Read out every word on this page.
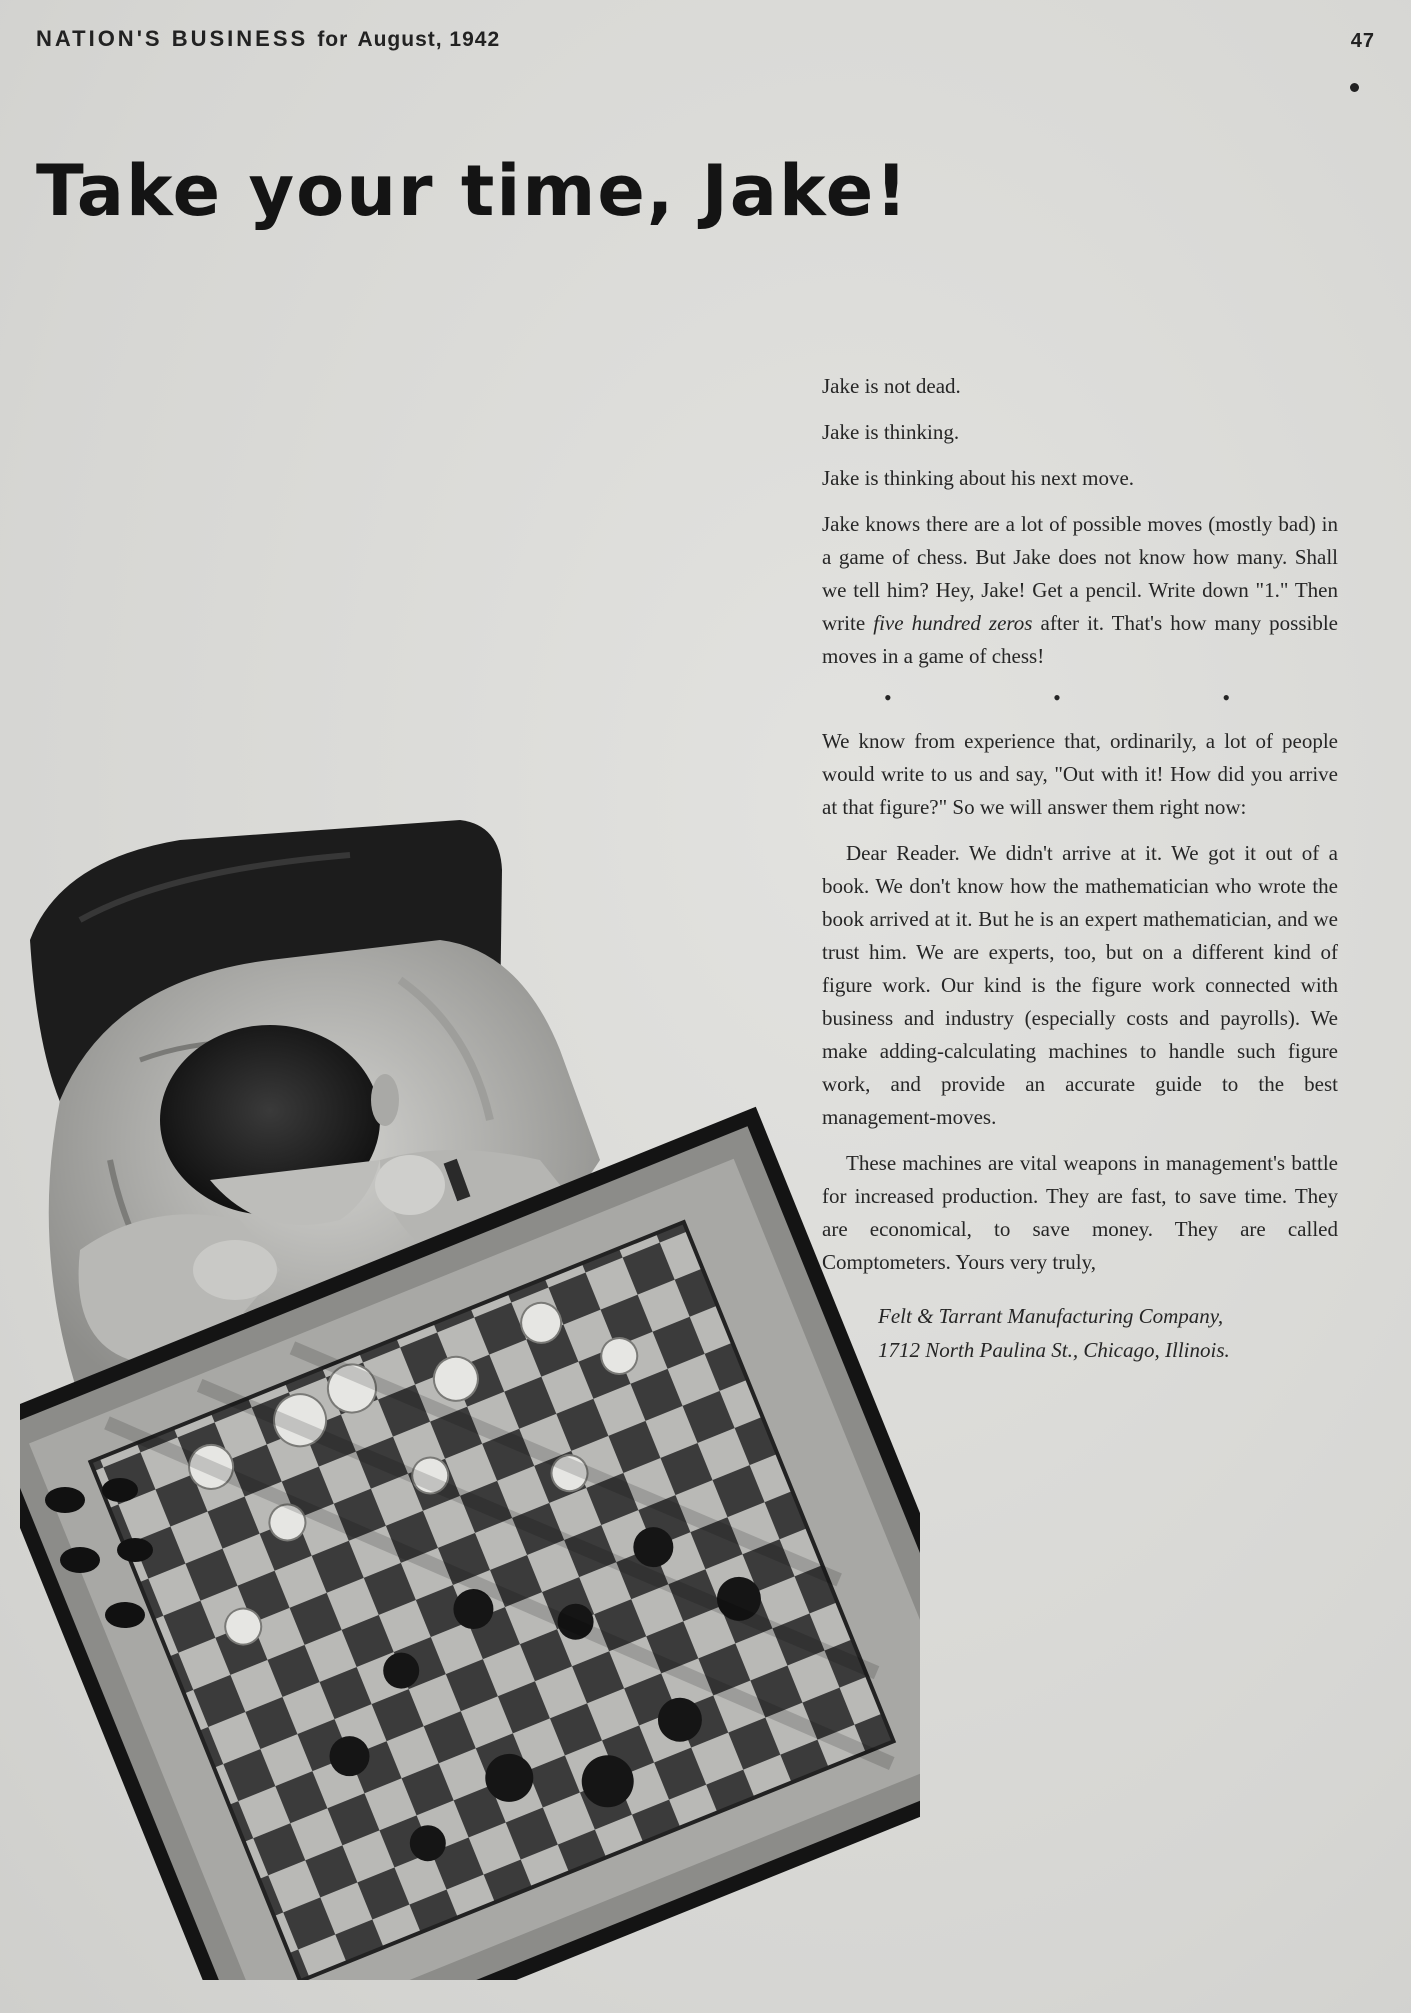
NATION'S BUSINESS for August, 1942	47
Take your time, Jake!

Jake is not dead.

Jake is thinking.

Jake is thinking about his next move.

Jake knows there are a lot of possible moves (mostly bad) in a game of chess. But Jake does not know how many. Shall we tell him? Hey, Jake! Get a pencil. Write down "1." Then write five hundred zeros after it. That's how many possible moves in a game of chess!

• • •

We know from experience that, ordinarily, a lot of people would write to us and say, "Out with it! How did you arrive at that figure?" So we will answer them right now:

Dear Reader. We didn't arrive at it. We got it out of a book. We don't know how the mathematician who wrote the book arrived at it. But he is an expert mathematician, and we trust him. We are experts, too, but on a different kind of figure work. Our kind is the figure work connected with business and industry (especially costs and payrolls). We make adding-calculating machines to handle such figure work, and provide an accurate guide to the best management-moves.

These machines are vital weapons in management's battle for increased production. They are fast, to save time. They are economical, to save money. They are called Comptometers. Yours very truly,

Felt & Tarrant Manufacturing Company,
1712 North Paulina St., Chicago, Illinois.
